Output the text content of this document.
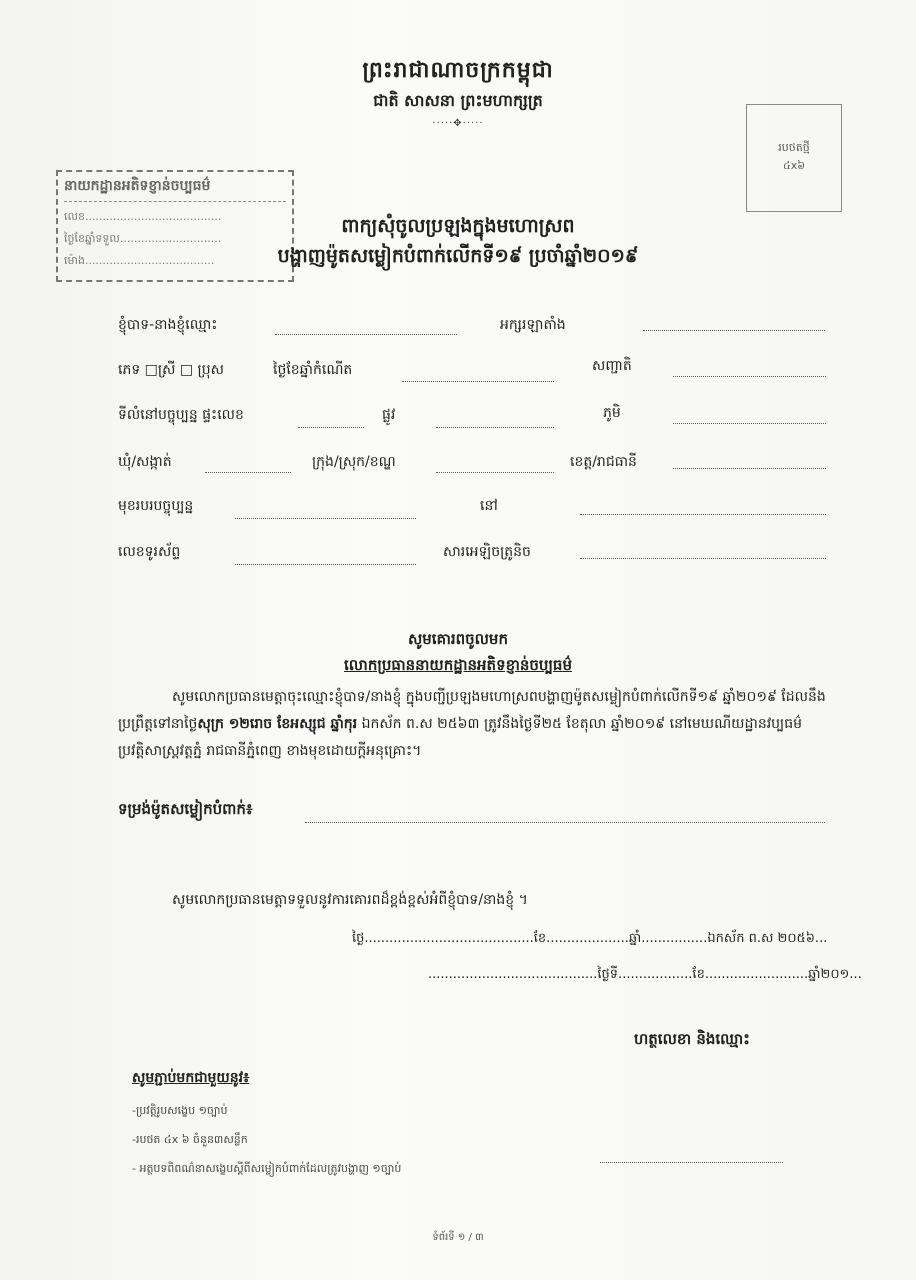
ព្រះរាជាណាចក្រកម្ពុជា
ជាតិ សាសនា ព្រះមហាក្សត្រ
·····✥·····
របថតថ្មី
៤x៦
នាយកដ្ឋានអតិទខ្ញាន់ចប្បធម៌
លេខ.......................................
ថ្ងៃខែឆ្នាំទទួល.............................
ម៉ោង.....................................
ពាក្យសុំចូលប្រឡងក្នុងមហោស្រព
បង្ហាញម៉ូតសម្លៀកបំពាក់លើកទី១៩ ប្រចាំឆ្នាំ២០១៩
ខ្ញុំបាទ-នាងខ្ញុំឈ្មោះ	អក្សរឡាតាំង
ភេទ □ស្រី □ ប្រុស	ថ្ងៃខែឆ្នាំកំណើត	សញ្ជាតិ
ទីលំនៅបច្ចុប្បន្ន ផ្ទះលេខ	ផ្លូវ	ភូមិ
ឃុំ/សង្កាត់	ក្រុង/ស្រុក/ខណ្ឌ	ខេត្ត/រាជធានី
មុខរបរបច្ចុប្បន្ន	នៅ
លេខទូរស័ព្ទ	សារអេឡិចត្រូនិច
សូមគោរពចូលមក
លោកប្រធាននាយកដ្ឋានអតិទខ្ញាន់ចប្បធម៌
សូមលោកប្រធានមេត្តាចុះឈ្មោះខ្ញុំបាទ/នាងខ្ញុំ ក្នុងបញ្ជីប្រឡងមហោស្រពបង្ហាញម៉ូតសម្លៀកបំពាក់លើកទី១៩ ឆ្នាំ២០១៩ ដែលនឹងប្រព្រឹត្តទៅនាថ្ងៃសុក្រ ១២រោច ខែអស្សុជ ឆ្នាំកុរ ឯកស័ក ព.ស ២៥៦៣ ត្រូវនឹងថ្ងៃទី២៥ ខែតុលា ឆ្នាំ២០១៩ នៅមេឃណីយដ្ឋានវប្បធម៌ប្រវត្តិសាស្ត្រវត្តភ្នំ រាជធានីភ្នំពេញ ខាងមុខដោយក្តីអនុគ្រោះ។
ទម្រង់ម៉ូតសម្លៀកបំពាក់៖
សូមលោកប្រធានមេត្តាទទួលនូវការគោរពដ៏ខ្ពង់ខ្ពស់អំពីខ្ញុំបាទ/នាងខ្ញុំ ។
ថ្ងៃ.........................................ខែ....................ឆ្នាំ................ឯកស័ក ព.ស ២០៥៦...
.........................................ថ្ងៃទី..................ខែ.........................ឆ្នាំ២០១...
ហត្ថលេខា និងឈ្មោះ
សូមភ្ជាប់មកជាមួយនូវ៖
-ប្រវត្តិរូបសង្ខេប ១ច្បាប់
-របថត ៤x ៦ ចំនួន៣សន្លឹក
- អត្ថបទពិពណ៌នាសង្ខេបស្ដីពីសម្លៀកបំពាក់ដែលត្រូវបង្ហាញ ១ច្បាប់
ទំព័រទី ១ / ៣
